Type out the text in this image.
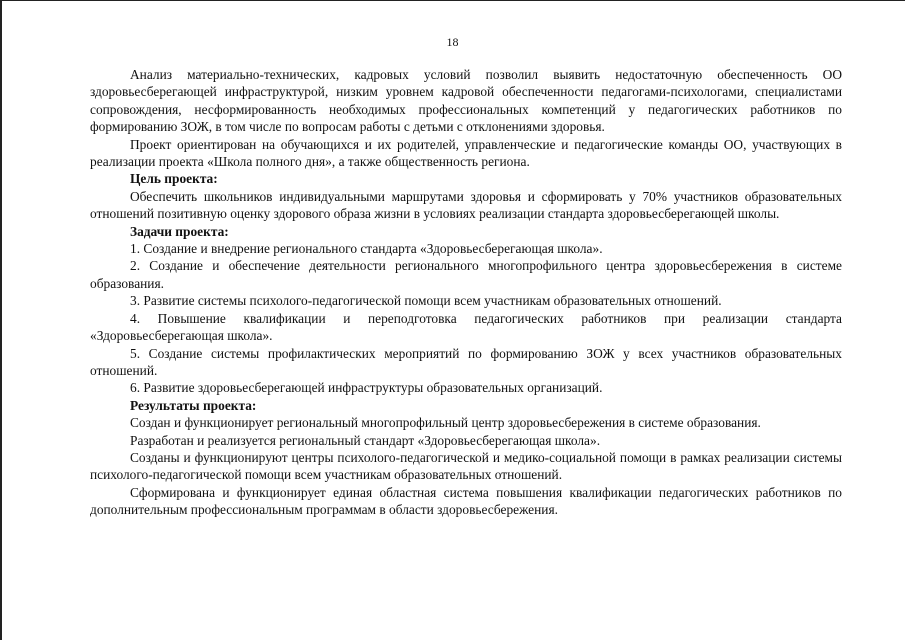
18

Анализ материально-технических, кадровых условий позволил выявить недостаточную обеспеченность ОО здоровьесберегающей инфраструктурой, низким уровнем кадровой обеспеченности педагогами-психологами, специалистами сопровождения, несформированность необходимых профессиональных компетенций у педагогических работников по формированию ЗОЖ, в том числе по вопросам работы с детьми с отклонениями здоровья.

Проект ориентирован на обучающихся и их родителей, управленческие и педагогические команды ОО, участвующих в реализации проекта «Школа полного дня», а также общественность региона.

Цель проекта:

Обеспечить школьников индивидуальными маршрутами здоровья и сформировать у 70% участников образовательных отношений позитивную оценку здорового образа жизни в условиях реализации стандарта здоровьесберегающей школы.

Задачи проекта:

1. Создание и внедрение регионального стандарта «Здоровьесберегающая школа».

2. Создание и обеспечение деятельности регионального многопрофильного центра здоровьесбережения в системе образования.

3. Развитие системы психолого-педагогической помощи всем участникам образовательных отношений.

4. Повышение квалификации и переподготовка педагогических работников при реализации стандарта «Здоровьесберегающая школа».

5. Создание системы профилактических мероприятий по формированию ЗОЖ у всех участников образовательных отношений.

6. Развитие здоровьесберегающей инфраструктуры образовательных организаций.

Результаты проекта:

Создан и функционирует региональный многопрофильный центр здоровьесбережения в системе образования.

Разработан и реализуется региональный стандарт «Здоровьесберегающая школа».

Созданы и функционируют центры психолого-педагогической и медико-социальной помощи в рамках реализации системы психолого-педагогической помощи всем участникам образовательных отношений.

Сформирована и функционирует единая областная система повышения квалификации педагогических работников по дополнительным профессиональным программам в области здоровьесбережения.
